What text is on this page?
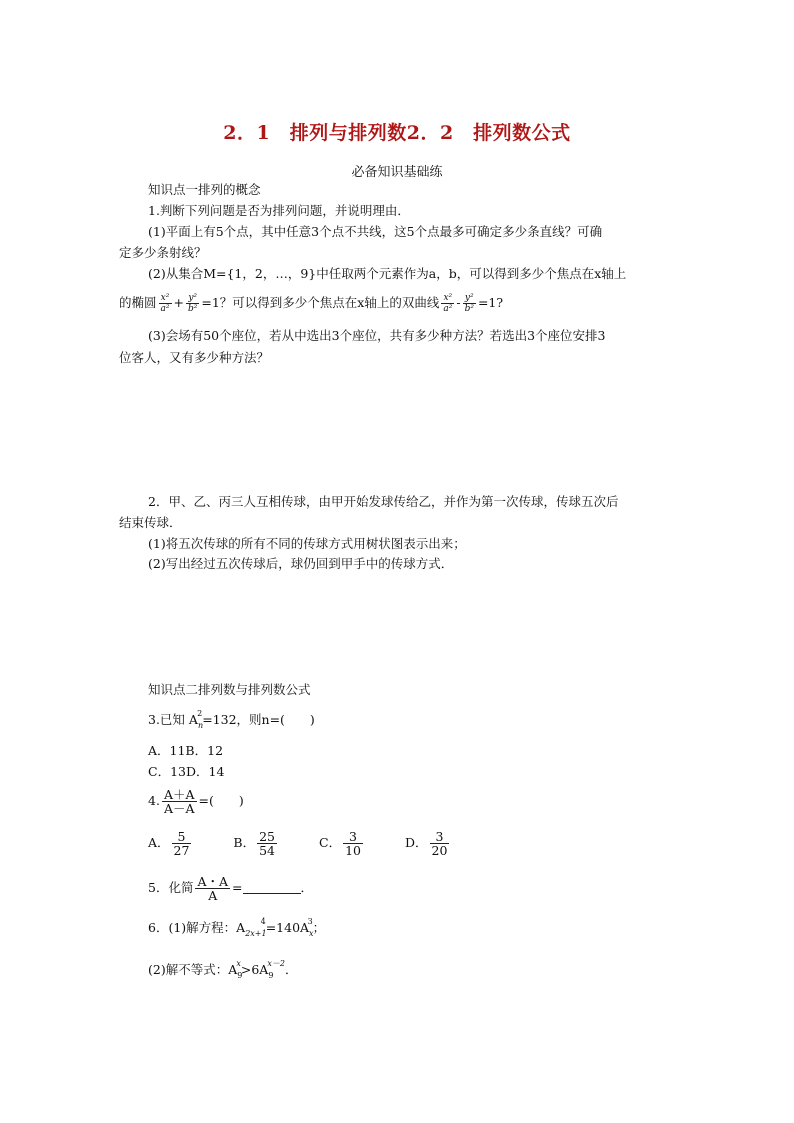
2．1　排列与排列数2．2　排列数公式
必备知识基础练
知识点一排列的概念
1.判断下列问题是否为排列问题，并说明理由．
(1)平面上有5个点，其中任意3个点不共线，这5个点最多可确定多少条直线？可确
定多少条射线？
(2)从集合M={1，2，…，9}中任取两个元素作为a，b，可以得到多少个焦点在x轴上
的椭圆 $\frac{\text{x²}}{\text{a²}} + \frac{\text{y²}}{\text{b²}} =1$？可以得到多少个焦点在x轴上的双曲线 $\frac{\text{x²}}{\text{a²}} - \frac{\text{y²}}{\text{b²}} =1$?
(3)会场有50个座位，若从中选出3个座位，共有多少种方法？若选出3个座位安排3
位客人，又有多少种方法？
2．甲、乙、丙三人互相传球，由甲开始发球传给乙，并作为第一次传球，传球五次后
结束传球．
(1)将五次传球的所有不同的传球方式用树状图表示出来；
(2)写出经过五次传球后，球仍回到甲手中的传球方式．
知识点二排列数与排列数公式
3.已知 $A_n^2=132$，则n=(　　)
A．11B．12
C．13D．14
4. $\frac{A+A}{A-A}$ =(　　)
A． $\frac{5}{27}$	B． $\frac{25}{54}$	C． $\frac{3}{10}$	D． $\frac{3}{20}$
5．化简 $\frac{A・A}{A}$ =	．
6．(1)解方程：$A_{2x+1}^4=140A_x^3$；
(2)解不等式：$A_9^x>6A_9^{x-2}$．
